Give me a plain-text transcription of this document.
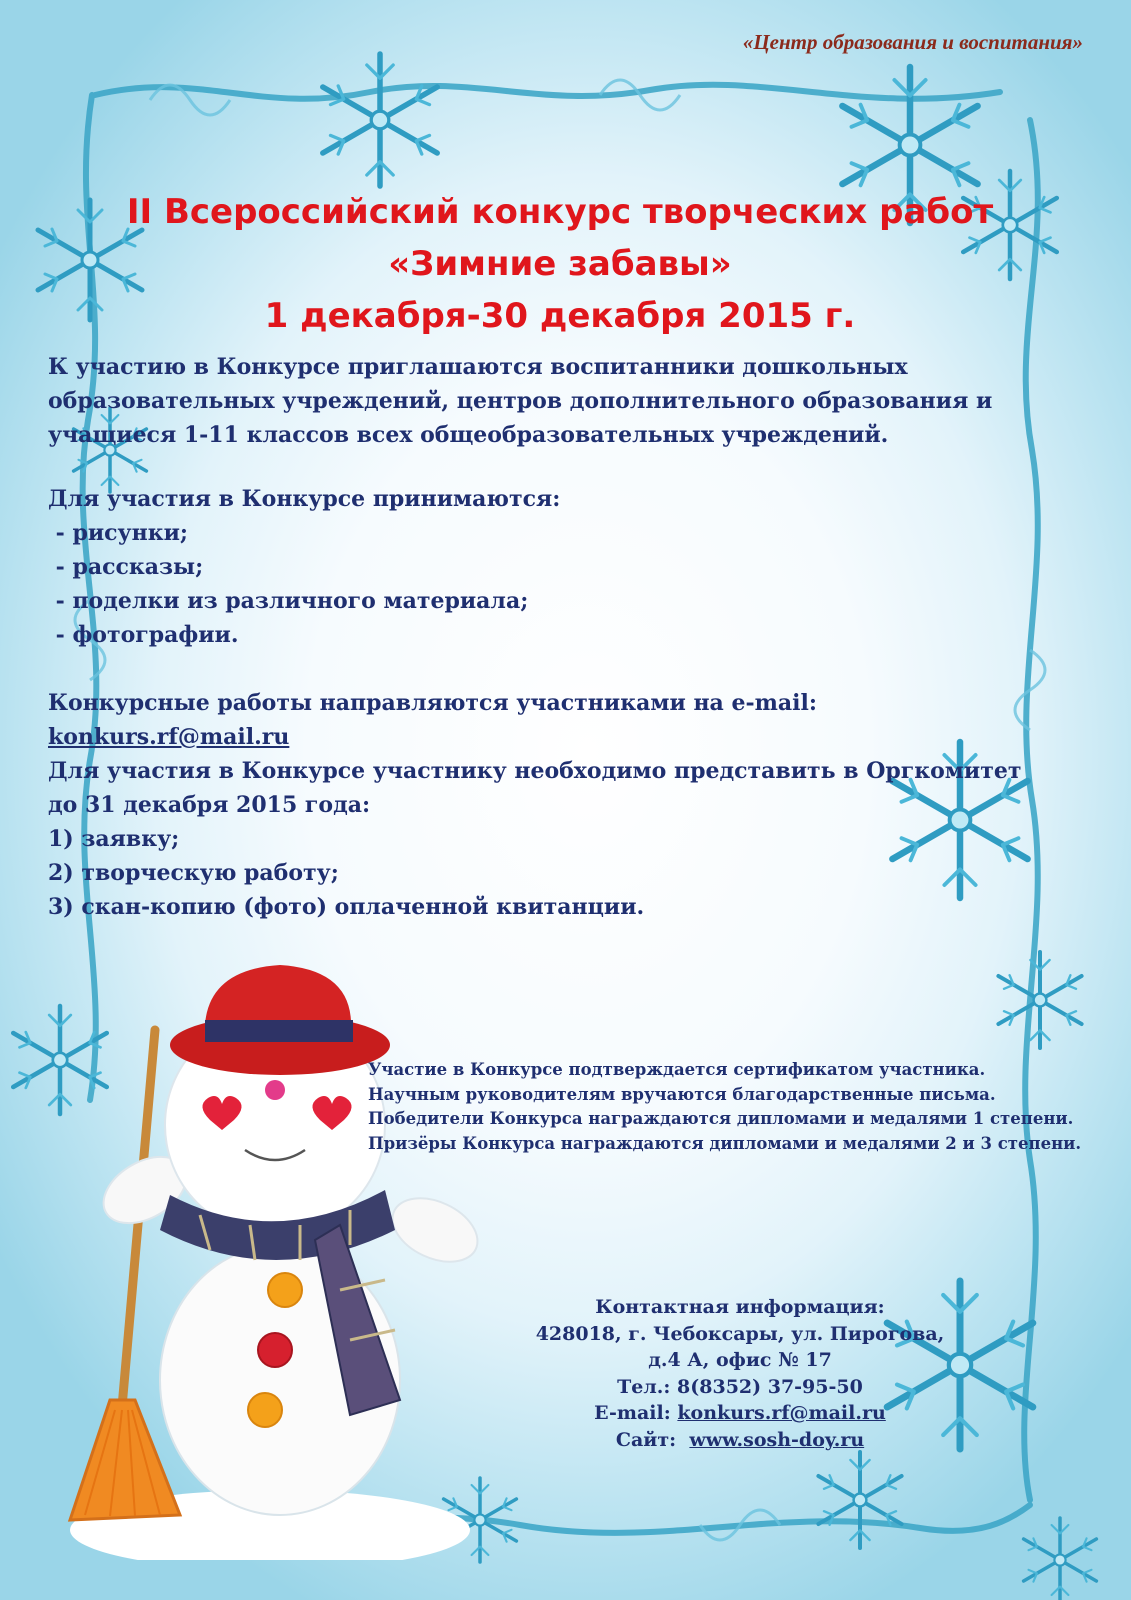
«Центр образования и воспитания»
II Всероссийский конкурс творческих работ
«Зимние забавы»
1 декабря-30 декабря 2015 г.

К участию в Конкурсе приглашаются воспитанники дошкольных

образовательных учреждений, центров дополнительного образования и

учащиеся 1-11 классов всех общеобразовательных учреждений.

Для участия в Конкурсе принимаются:

- рисунки;

- рассказы;

- поделки из различного материала;

- фотографии.

Конкурсные работы направляются участниками на e-mail:

konkurs.rf@mail.ru

Для участия в Конкурсе участнику необходимо представить в Оргкомитет

до 31 декабря 2015 года:

1) заявку;

2) творческую работу;

3) скан-копию (фото) оплаченной квитанции.

Участие в Конкурсе подтверждается сертификатом участника.

Научным руководителям вручаются благодарственные письма.

Победители Конкурса награждаются дипломами и медалями 1 степени.

Призёры Конкурса награждаются дипломами и медалями 2 и 3 степени.

Контактная информация:

428018, г. Чебоксары, ул. Пирогова,

д.4 А, офис № 17

Тел.: 8(8352) 37-95-50

E-mail: konkurs.rf@mail.ru

Сайт:  www.sosh-doy.ru
